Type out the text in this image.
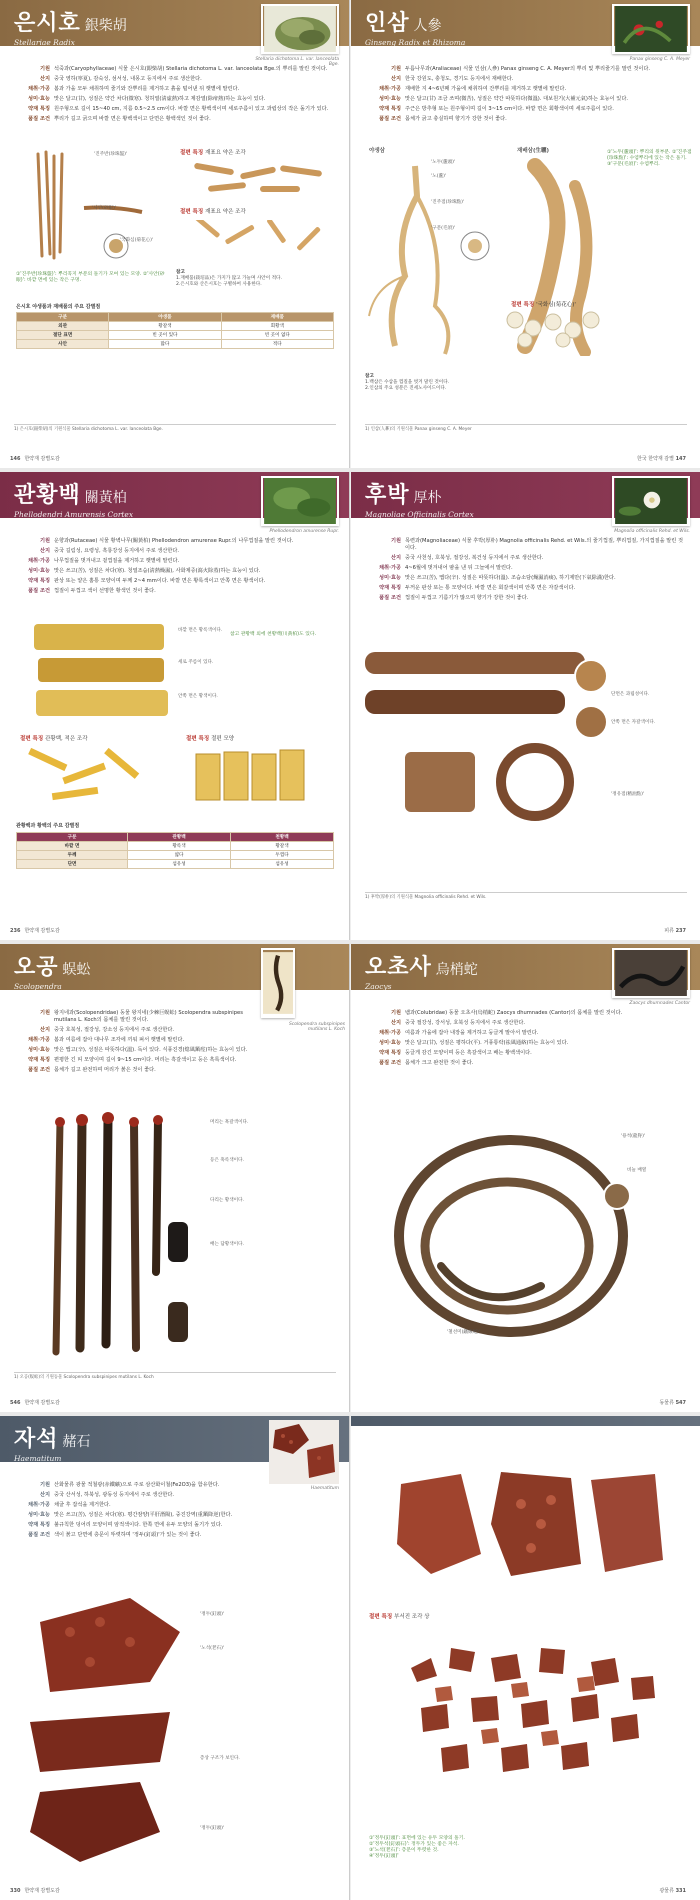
은시호 銀柴胡
Stellariae Radix
Stellaria dichotoma L. var. lanceolata Bge.
기원 석죽과(Caryophyllaceae) 식물 은시호(銀柴胡) Stellaria dichotoma L. var. lanceolata Bge.의 뿌리를 말린 것이다.
산지 중국 영하(寧夏), 감숙성, 섬서성, 내몽고 등지에서 주로 생산한다.
채취·가공 봄과 가을 모두 채취하며 줄기와 잔뿌리를 제거하고 흙을 털어낸 뒤 햇볕에 말린다.
성미·효능 맛은 달고(甘), 성질은 약간 차다(微寒). 청허열(淸虛熱)하고 제감열(除疳熱)하는 효능이 있다.
약재 특징 원주형으로 길이 15~40 cm, 지름 0.5~2.5 cm이다. 바깥 면은 황백색이며 세로주름이 있고 과립상의 작은 돌기가 있다.
품질 조건 뿌리가 길고 굵으며 바깥 면은 황백색이고 단면은 황백색인 것이 좋다.
'진주반(珍珠盤)'
'사안(砂眼)'
'국화심(菊花心)'
①'진주반(珍珠盤)': 뿌리꼭지 부분의 돌기가 모여 있는 모양. ②'사안(砂眼)': 바깥 면에 있는 작은 구멍.
절편 특징 재표요 약은 조각
절편 특징 재표요 약은 조각
참고
1.재배품(栽培品)은 가지가 많고 가늘며 사안이 적다.
2.은시호와 산은시호는 구별하여 사용한다.
은시호 야생품과 재배품의 주요 감별점
구분	야생품	재배품
외관	황갈색	회황색
절단 표면	빈 곳이 있다	빈 곳이 없다
사안	많다	적다
1) 은시호(銀柴胡)의 기원식물 Stellaria dichotoma L. var. lanceolata Bge.
146 한약재 감별도감
인삼 人參
Ginseng Radix et Rhizoma
Panax ginseng C. A. Meyer
기원 두릅나무과(Araliaceae) 식물 인삼(人參) Panax ginseng C. A. Meyer의 뿌리 및 뿌리줄기를 말린 것이다.
산지 한국 강원도, 충청도, 경기도 등지에서 재배한다.
채취·가공 재배한 지 4~6년째 가을에 채취하여 잔뿌리를 제거하고 햇볕에 말린다.
성미·효능 맛은 달고(甘) 조금 쓰며(微苦), 성질은 약간 따뜻하다(微溫). 대보원기(大補元氣)하는 효능이 있다.
약재 특징 주근은 방추형 또는 원주형이며 길이 3~15 cm이다. 바깥 면은 회황색이며 세로주름이 있다.
품질 조건 몸체가 굵고 충실하며 향기가 강한 것이 좋다.
야생삼	재배삼(生曬)
'노두(蘆頭)'
'노(蘆)'
'진주점(珍珠點)'
'구문(毛須)'
①'노두(蘆頭)': 뿌리의 윗부분. ②'진주점(珍珠點)': 수염뿌리에 있는 작은 돌기. ③'구문(毛須)': 수염뿌리.
절편 특징 '국화심(菊花心)'
참고
1.백삼은 수삼을 껍질을 벗겨 말린 것이다.
2.인삼의 주요 성분은 진세노사이드이다.
1) 인삼(人蔘)의 기원식물 Panax ginseng C. A. Meyer
한국 한약재 감별 147
관황백 關黃柏
Phellodendri Amurensis Cortex
Phellodendron amurense Rupr.
기원 운향과(Rutaceae) 식물 황벽나무(關黃柏) Phellodendron amurense Rupr.의 나무껍질을 말린 것이다.
산지 중국 길림성, 요령성, 흑룡강성 등지에서 주로 생산한다.
채취·가공 나무껍질을 벗겨내고 겉껍질을 제거하고 햇볕에 말린다.
성미·효능 맛은 쓰고(苦), 성질은 차다(寒). 청열조습(淸熱燥濕), 사화제증(瀉火除蒸)하는 효능이 있다.
약재 특징 판상 또는 얕은 홈통 모양이며 두께 2~4 mm이다. 바깥 면은 황록색이고 안쪽 면은 황색이다.
품질 조건 껍질이 두껍고 색이 선명한 황색인 것이 좋다.
바깥 면은 황록색이다.
세로 주름이 있다.
안쪽 면은 황색이다.
참고 관황백 외에 천황백(川黃柏)도 있다.
절편 특징 관황백, 적은 조각	절편 특징 절편 모양
관황백과 황백의 주요 감별점
구분	관황백	천황백
바깥 면	황록색	황갈색
두께	얇다	두껍다
단면	섬유성	섬유성
236 한약재 감별도감
후박 厚朴
Magnoliae Officinalis Cortex
Magnolia officinalis Rehd. et Wils.
기원 목련과(Magnoliaceae) 식물 후박(厚朴) Magnolia officinalis Rehd. et Wils.의 줄기껍질, 뿌리껍질, 가지껍질을 말린 것이다.
산지 중국 사천성, 호북성, 절강성, 복건성 등지에서 주로 생산한다.
채취·가공 4~6월에 벗겨내어 땀을 낸 뒤 그늘에서 말린다.
성미·효능 맛은 쓰고(苦), 맵다(辛). 성질은 따뜻하다(溫). 조습소담(燥濕消痰), 하기제만(下氣除滿)한다.
약재 특징 두꺼운 판상 또는 통 모양이다. 바깥 면은 회갈색이며 안쪽 면은 자갈색이다.
품질 조건 껍질이 두껍고 기름기가 많으며 향기가 강한 것이 좋다.
단면은 과립성이다.
안쪽 면은 자갈색이다.
'정유점(精油點)'
1) 후박(厚朴)의 기원식물 Magnolia officinalis Rehd. et Wils.
피류 237
오공 蜈蚣
Scolopendra
Scolopendra subspinipes mutilans L. Koch
기원 왕지네과(Scolopendridae) 동물 왕지네(少棘巨蜈蚣) Scolopendra subspinipes mutilans L. Koch의 몸체를 말린 것이다.
산지 중국 호북성, 절강성, 강소성 등지에서 주로 생산한다.
채취·가공 봄과 여름에 잡아 대나무 조각에 끼워 펴서 햇볕에 말린다.
성미·효능 맛은 맵고(辛), 성질은 따뜻하다(溫). 독이 있다. 식풍진경(熄風鎭痙)하는 효능이 있다.
약재 특징 편평한 긴 띠 모양이며 길이 9~15 cm이다. 머리는 흑갈색이고 등은 흑록색이다.
품질 조건 몸체가 길고 완전하며 머리가 붉은 것이 좋다.
머리는 흑갈색이다.
등은 흑록색이다.
다리는 황색이다.
배는 담황색이다.
1) 오공(蜈蚣)의 기원동물 Scolopendra subspinipes mutilans L. Koch
546 한약재 감별도감
오초사 烏梢蛇
Zaocys
Zaocys dhumnades Cantor
기원 뱀과(Colubridae) 동물 오초사(烏梢蛇) Zaocys dhumnades (Cantor)의 몸체를 말린 것이다.
산지 중국 절강성, 강서성, 호북성 등지에서 주로 생산한다.
채취·가공 여름과 가을에 잡아 내장을 제거하고 둥글게 말아서 말린다.
성미·효능 맛은 달고(甘), 성질은 평하다(平). 거풍통락(祛風通絡)하는 효능이 있다.
약재 특징 둥글게 감긴 모양이며 등은 흑갈색이고 배는 황백색이다.
품질 조건 몸체가 크고 완전한 것이 좋다.
'용척(龍脊)'
비늘 배열
'철선미(鐵線尾)'
동물류 547
자석 赭石
Haematitum
Haematitum
기원 산화물류 광물 적철광(赤鐵礦)으로 주로 삼산화이철(Fe2O3)을 함유한다.
산지 중국 산서성, 하북성, 광동성 등지에서 주로 생산한다.
채취·가공 채굴 후 잡석을 제거한다.
성미·효능 맛은 쓰고(苦), 성질은 차다(寒). 평간잠양(平肝潛陽), 중진강역(重鎭降逆)한다.
약재 특징 불규칙한 덩어리 모양이며 암적색이다. 한쪽 면에 유두 모양의 돌기가 있다.
품질 조건 색이 붉고 단면에 층문이 뚜렷하며 '정두(釘頭)'가 있는 것이 좋다.
'정두(釘頭)'
'노석(老石)'
층상 구조가 보인다.
'정두(釘頭)'
330 한약재 감별도감
절편 특징 부서진 조각 상
①'정두(釘頭)': 표면에 있는 유두 모양의 돌기.
②'정두석(釘頭石)': 정두가 있는 좋은 자석.
③'노석(老石)': 층문이 뚜렷한 것.
④'정두(釘頭)'
광물류 331
